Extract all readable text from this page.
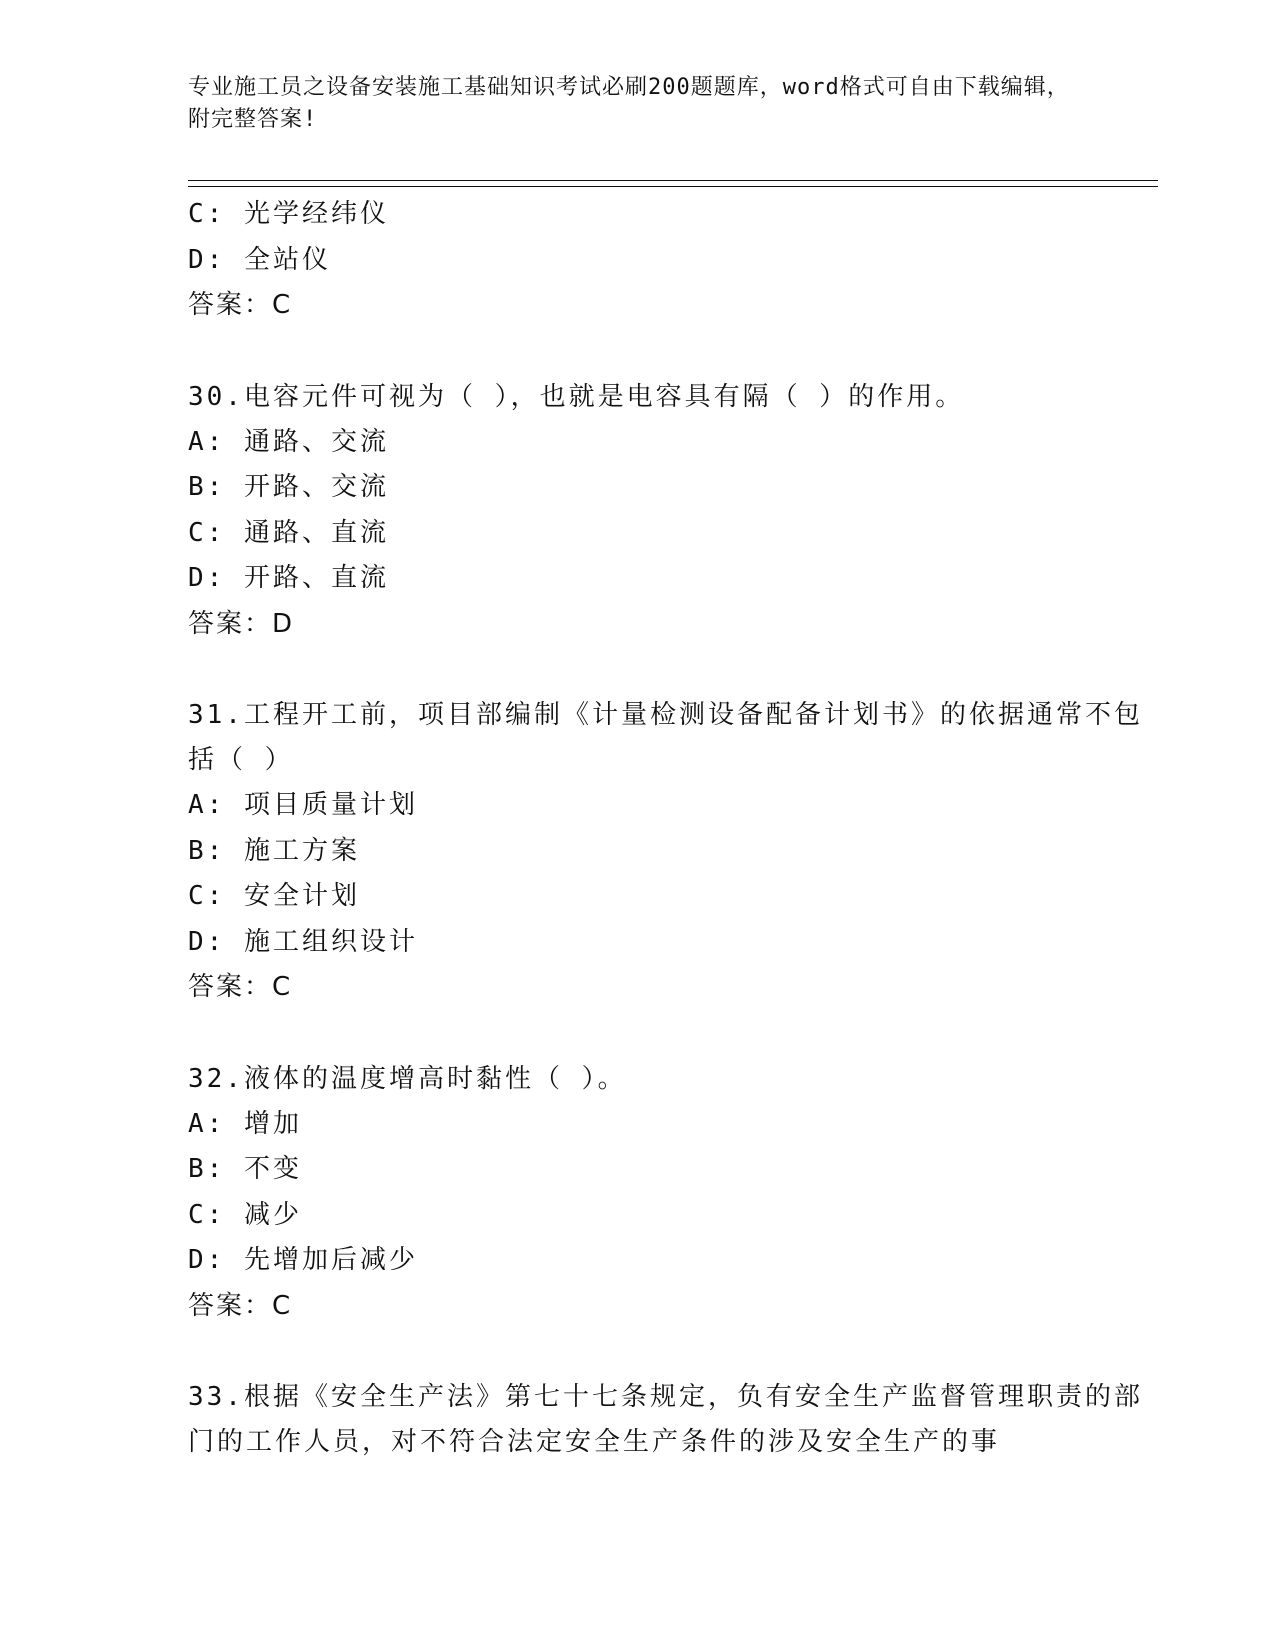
专业施工员之设备安装施工基础知识考试必刷200题题库，word格式可自由下载编辑，附完整答案!
C: 光学经纬仪
D: 全站仪
答案：C
30.电容元件可视为（ ），也就是电容具有隔（ ）的作用。
A: 通路、交流
B: 开路、交流
C: 通路、直流
D: 开路、直流
答案：D
31.工程开工前，项目部编制《计量检测设备配备计划书》的依据通常不包括（ ）
A: 项目质量计划
B: 施工方案
C: 安全计划
D: 施工组织设计
答案：C
32.液体的温度增高时黏性（ ）。
A: 增加
B: 不变
C: 减少
D: 先增加后减少
答案：C
33.根据《安全生产法》第七十七条规定，负有安全生产监督管理职责的部门的工作人员，对不符合法定安全生产条件的涉及安全生产的事
